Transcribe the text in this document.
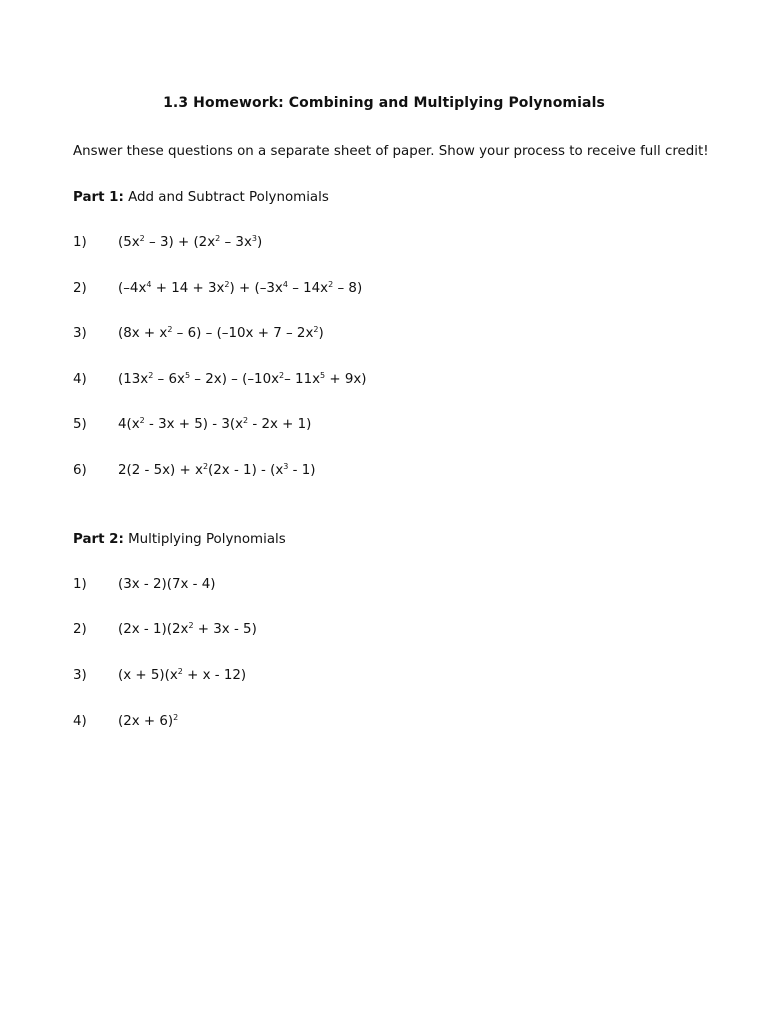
1.3 Homework: Combining and Multiplying Polynomials
Answer these questions on a separate sheet of paper. Show your process to receive full credit!
Part 1: Add and Subtract Polynomials
1) $(5x^2 - 3) + (2x^2 - 3x^3)$
2) $(-4x^4 + 14 + 3x^2) + (-3x^4 - 14x^2 - 8)$
3) $(8x + x^2 - 6) - (-10x + 7 - 2x^2)$
4) $(13x^2 - 6x^5 - 2x) - (-10x^2-$ $11x^5 + 9x$)
5) $4(x^2 - 3x + 5) - 3(x^2 - 2x + 1)$
6) $2(2 - 5x) + x^2(2x - 1) - (x^3 - 1)$
Part 2: Multiplying Polynomials
1) (3x - 2)(7x - 4)
2) $(2x - 1)(2x^2 + 3x - 5)$
3) $(x + 5)(x^2 + x - 12)$
4) $(2x + 6)^2$
